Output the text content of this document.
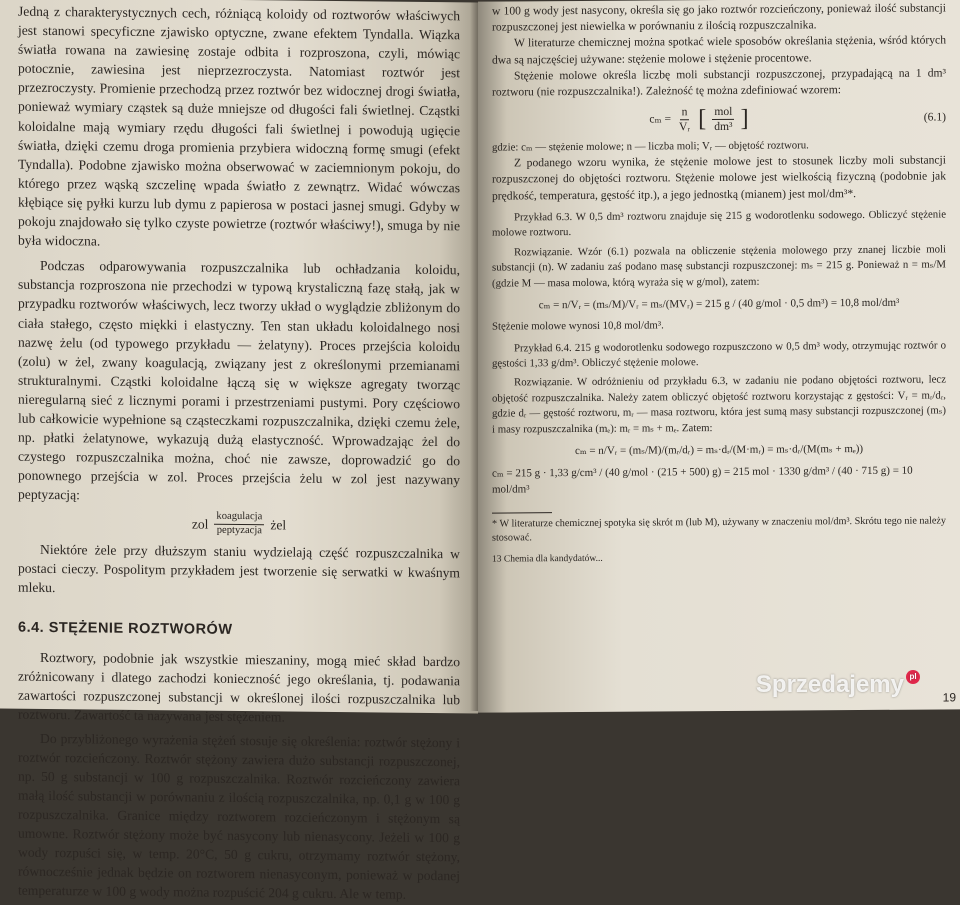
Jedną z charakterystycznych cech, różniącą koloidy od roztworów właściwych jest stanowi specyficzne zjawisko optyczne, zwane efektem Tyndalla. Wiązka światła rowana na zawiesinę zostaje odbita i rozproszona, czyli, mówiąc potocznie, zawiesina jest nieprzezroczysta. Natomiast roztwór jest przezroczysty. Promienie przechodzą przez roztwór bez widocznej drogi światła, ponieważ wymiary cząstek są duże mniejsze od długości fali świetlnej. Cząstki koloidalne mają wymiary rzędu długości fali świetlnej i powodują ugięcie światła, dzięki czemu droga promienia przybiera widoczną formę smugi (efekt Tyndalla). Podobne zjawisko można obserwować w zaciemnionym pokoju, do którego przez wąską szczelinę wpada światło z zewnątrz. Widać wówczas kłębiące się pyłki kurzu lub dymu z papierosa w postaci jasnej smugi. Gdyby w pokoju znajdowało się tylko czyste powietrze (roztwór właściwy!), smuga by nie była widoczna.

Podczas odparowywania rozpuszczalnika lub ochładzania koloidu, substancja rozproszona nie przechodzi w typową krystaliczną fazę stałą, jak w przypadku roztworów właściwych, lecz tworzy układ o wyglądzie zbliżonym do ciała stałego, często miękki i elastyczny. Ten stan układu koloidalnego nosi nazwę żelu (od typowego przykładu — żelatyny). Proces przejścia koloidu (zolu) w żel, zwany koagulacją, związany jest z określonymi przemianami strukturalnymi. Cząstki koloidalne łączą się w większe agregaty tworząc nieregularną sieć z licznymi porami i przestrzeniami pustymi. Pory częściowo lub całkowicie wypełnione są cząsteczkami rozpuszczalnika, dzięki czemu żele, np. płatki żelatynowe, wykazują dużą elastyczność. Wprowadzając żel do czystego rozpuszczalnika można, choć nie zawsze, doprowadzić go do ponownego przejścia w zol. Proces przejścia żelu w zol jest nazywany peptyzacją:

zol $\frac{\text{koagulacja}}{\text{peptyzacja}}$ żel

Niektóre żele przy dłuższym staniu wydzielają część rozpuszczalnika w postaci cieczy. Pospolitym przykładem jest tworzenie się serwatki w kwaśnym mleku.

6.4. STĘŻENIE ROZTWORÓW

Roztwory, podobnie jak wszystkie mieszaniny, mogą mieć skład bardzo zróżnicowany i dlatego zachodzi konieczność jego określania, tj. podawania zawartości rozpuszczonej substancji w określonej ilości rozpuszczalnika lub roztworu. Zawartość ta nazywana jest stężeniem.

Do przybliżonego wyrażenia stężeń stosuje się określenia: roztwór stężony i roztwór rozcieńczony. Roztwór stężony zawiera dużo substancji rozpuszczonej, np. 50 g substancji w 100 g rozpuszczalnika. Roztwór rozcieńczony zawiera małą ilość substancji w porównaniu z ilością rozpuszczalnika, np. 0,1 g w 100 g rozpuszczalnika. Granice między roztworem rozcieńczonym i stężonym są umowne. Roztwór stężony może być nasycony lub nienasycony. Jeżeli w 100 g wody rozpuści się, w temp. 20°C, 50 g cukru, otrzymamy roztwór stężony, równocześnie jednak będzie on roztworem nienasyconym, ponieważ w podanej temperaturze w 100 g wody można rozpuścić 204 g cukru. Ale w temp.

w 100 g wody jest nasycony, określa się go jako roztwór rozcieńczony, ponieważ ilość substancji rozpuszczonej jest niewielka w porównaniu z ilością rozpuszczalnika.

W literaturze chemicznej można spotkać wiele sposobów określania stężenia, wśród których dwa są najczęściej używane: stężenie molowe i stężenie procentowe.

Stężenie molowe określa liczbę moli substancji rozpuszczonej, przypadającą na 1 dm³ roztworu (nie rozpuszczalnika!). Zależność tę można zdefiniować wzorem:

$c_m = \frac{n}{\text{Vᵣ}}$ [ $\frac{\text{mol}}{\text{dm³}}$ ]	(6.1)

gdzie: cₘ — stężenie molowe; n — liczba moli; Vᵣ — objętość roztworu.

Z podanego wzoru wynika, że stężenie molowe jest to stosunek liczby moli substancji rozpuszczonej do objętości roztworu. Stężenie molowe jest wielkością fizyczną (podobnie jak prędkość, temperatura, gęstość itp.), a jego jednostką (mianem) jest mol/dm³*.

Przykład 6.3. W 0,5 dm³ roztworu znajduje się 215 g wodorotlenku sodowego. Obliczyć stężenie molowe roztworu.

Rozwiązanie. Wzór (6.1) pozwala na obliczenie stężenia molowego przy znanej liczbie moli substancji (n). W zadaniu zaś podano masę substancji rozpuszczonej: mₛ = 215 g. Ponieważ n = mₛ/M (gdzie M — masa molowa, którą wyraża się w g/mol), zatem:

cₘ = n/Vᵣ = (mₛ/M)/Vᵣ = mₛ/(MVᵣ) = 215 g / (40 g/mol · 0,5 dm³) = 10,8 mol/dm³

Stężenie molowe wynosi 10,8 mol/dm³.

Przykład 6.4. 215 g wodorotlenku sodowego rozpuszczono w 0,5 dm³ wody, otrzymując roztwór o gęstości 1,33 g/dm³. Obliczyć stężenie molowe.

Rozwiązanie. W odróżnieniu od przykładu 6.3, w zadaniu nie podano objętości roztworu, lecz objętość rozpuszczalnika. Należy zatem obliczyć objętość roztworu korzystając z gęstości: Vᵣ = mᵣ/dᵣ, gdzie dᵣ — gęstość roztworu, mᵣ — masa roztworu, która jest sumą masy substancji rozpuszczonej (mₛ) i masy rozpuszczalnika (mₑ): mᵣ = mₛ + mₑ. Zatem:

cₘ = n/Vᵣ = (mₛ/M)/(mᵣ/dᵣ) = mₛ·dᵣ/(M·mᵣ) = mₛ·dᵣ/(M(mₛ + mₑ))
cₘ = 215 g · 1,33 g/cm³ / (40 g/mol · (215 + 500) g) = 215 mol · 1330 g/dm³ / (40 · 715 g) = 10 mol/dm³

* W literaturze chemicznej spotyka się skrót m (lub M), używany w znaczeniu mol/dm³. Skrótu tego nie należy stosować.

13 Chemia dla kandydatów...
19
Sprzedajemy pl
